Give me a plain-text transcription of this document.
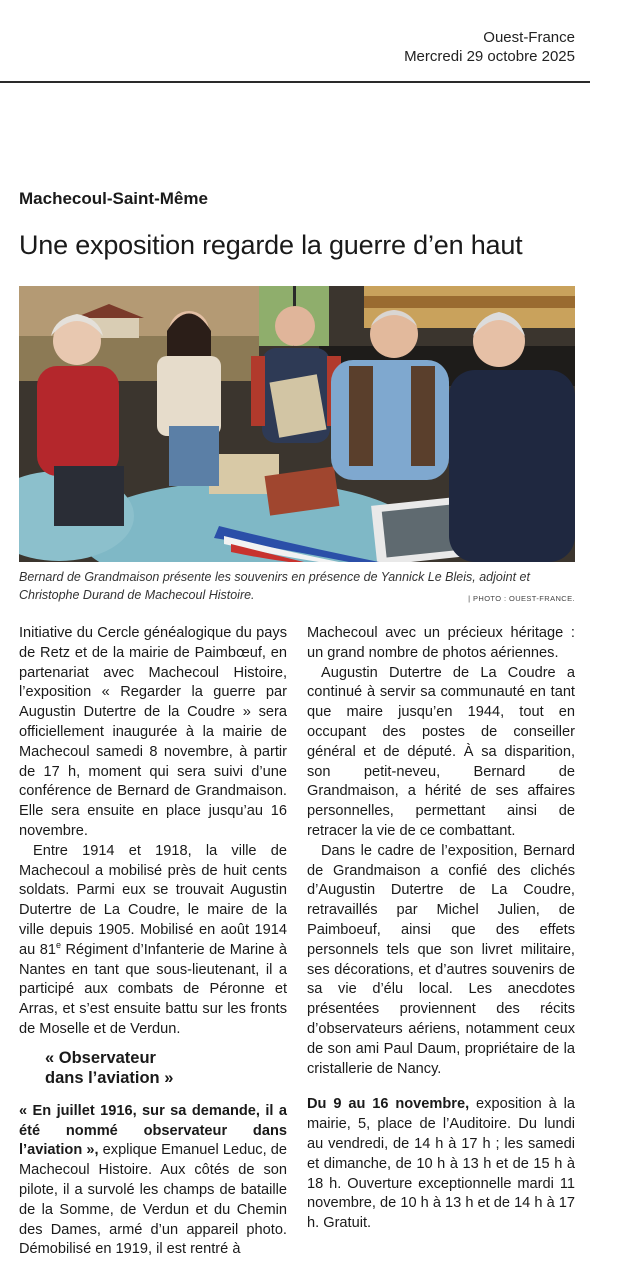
Ouest-France
Mercredi 29 octobre 2025
Machecoul-Saint-Même
Une exposition regarde la guerre d’en haut
Bernard de Grandmaison présente les souvenirs en présence de Yannick Le Bleis, adjoint et Christophe Durand de Machecoul Histoire.	| PHOTO : OUEST-FRANCE.

Initiative du Cercle généalogique du pays de Retz et de la mairie de Paimbœuf, en partenariat avec Machecoul Histoire, l’exposition « Regarder la guerre par Augustin Dutertre de la Coudre » sera officiellement inaugurée à la mairie de Machecoul samedi 8 novembre, à partir de 17 h, moment qui sera suivi d’une conférence de Bernard de Grandmaison. Elle sera ensuite en place jusqu’au 16 novembre.

Entre 1914 et 1918, la ville de Machecoul a mobilisé près de huit cents soldats. Parmi eux se trouvait Augustin Dutertre de La Coudre, le maire de la ville depuis 1905. Mobilisé en août 1914 au 81e Régiment d’Infanterie de Marine à Nantes en tant que sous-lieutenant, il a participé aux combats de Péronne et Arras, et s’est ensuite battu sur les fronts de Moselle et de Verdun.

« Observateur
dans l’aviation »

« En juillet 1916, sur sa demande, il a été nommé observateur dans l’aviation », explique Emanuel Leduc, de Machecoul Histoire. Aux côtés de son pilote, il a survolé les champs de bataille de la Somme, de Verdun et du Chemin des Dames, armé d’un appareil photo. Démobilisé en 1919, il est rentré à

Machecoul avec un précieux héritage : un grand nombre de photos aériennes.

Augustin Dutertre de La Coudre a continué à servir sa communauté en tant que maire jusqu’en 1944, tout en occupant des postes de conseiller général et de député. À sa disparition, son petit-neveu, Bernard de Grandmaison, a hérité de ses affaires personnelles, permettant ainsi de retracer la vie de ce combattant.

Dans le cadre de l’exposition, Bernard de Grandmaison a confié des clichés d’Augustin Dutertre de La Coudre, retravaillés par Michel Julien, de Paimboeuf, ainsi que des effets personnels tels que son livret militaire, ses décorations, et d’autres souvenirs de sa vie d’élu local. Les anecdotes présentées proviennent des récits d’observateurs aériens, notamment ceux de son ami Paul Daum, propriétaire de la cristallerie de Nancy.

Du 9 au 16 novembre, exposition à la mairie, 5, place de l’Auditoire. Du lundi au vendredi, de 14 h à 17 h ; les samedi et dimanche, de 10 h à 13 h et de 15 h à 18 h. Ouverture exceptionnelle mardi 11 novembre, de 10 h à 13 h et de 14 h à 17 h. Gratuit.
